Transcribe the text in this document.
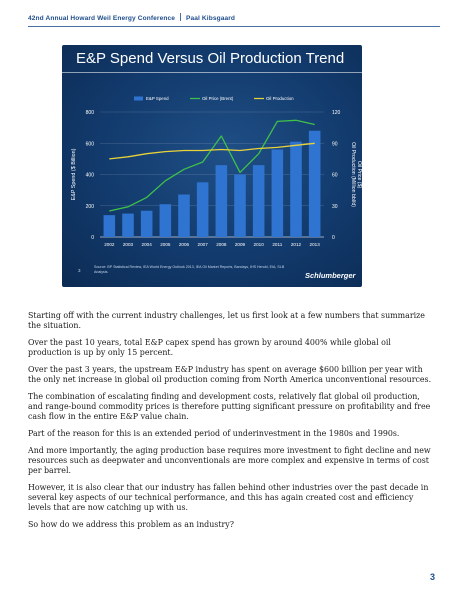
42nd Annual Howard Weil Energy Conference Paal Kibsgaard
E&P Spend Versus Oil Production Trend
0
200
400
600
800
0
30
60
90
120
2002 2003 2004 2005 2006 2007 2008 2009 2010 2011 2012 2013
E&P Spend	Oil Price (Brent)	Oil Production
E&P Spend ($ Billion)	Oil Production (Million bbl/d) Oil Price ($)
3
Source: BP Statistical Review, IEA World Energy Outlook 2013, IEA Oil Market Reports, Barclays, IHS Herold, EIA, SLB Analysis.	Schlumberger

Starting off with the current industry challenges, let us first look at a few numbers that summarize the situation.

Over the past 10 years, total E&P capex spend has grown by around 400% while global oil production is up by only 15 percent.

Over the past 3 years, the upstream E&P industry has spent on average $600 billion per year with the only net increase in global oil production coming from North America unconventional resources.

The combination of escalating finding and development costs, relatively flat global oil production, and range-bound commodity prices is therefore putting significant pressure on profitability and free cash flow in the entire E&P value chain.

Part of the reason for this is an extended period of underinvestment in the 1980s and 1990s.

And more importantly, the aging production base requires more investment to fight decline and new resources such as deepwater and unconventionals are more complex and expensive in terms of cost per barrel.

However, it is also clear that our industry has fallen behind other industries over the past decade in several key aspects of our technical performance, and this has again created cost and efficiency levels that are now catching up with us.

So how do we address this problem as an industry?

3
